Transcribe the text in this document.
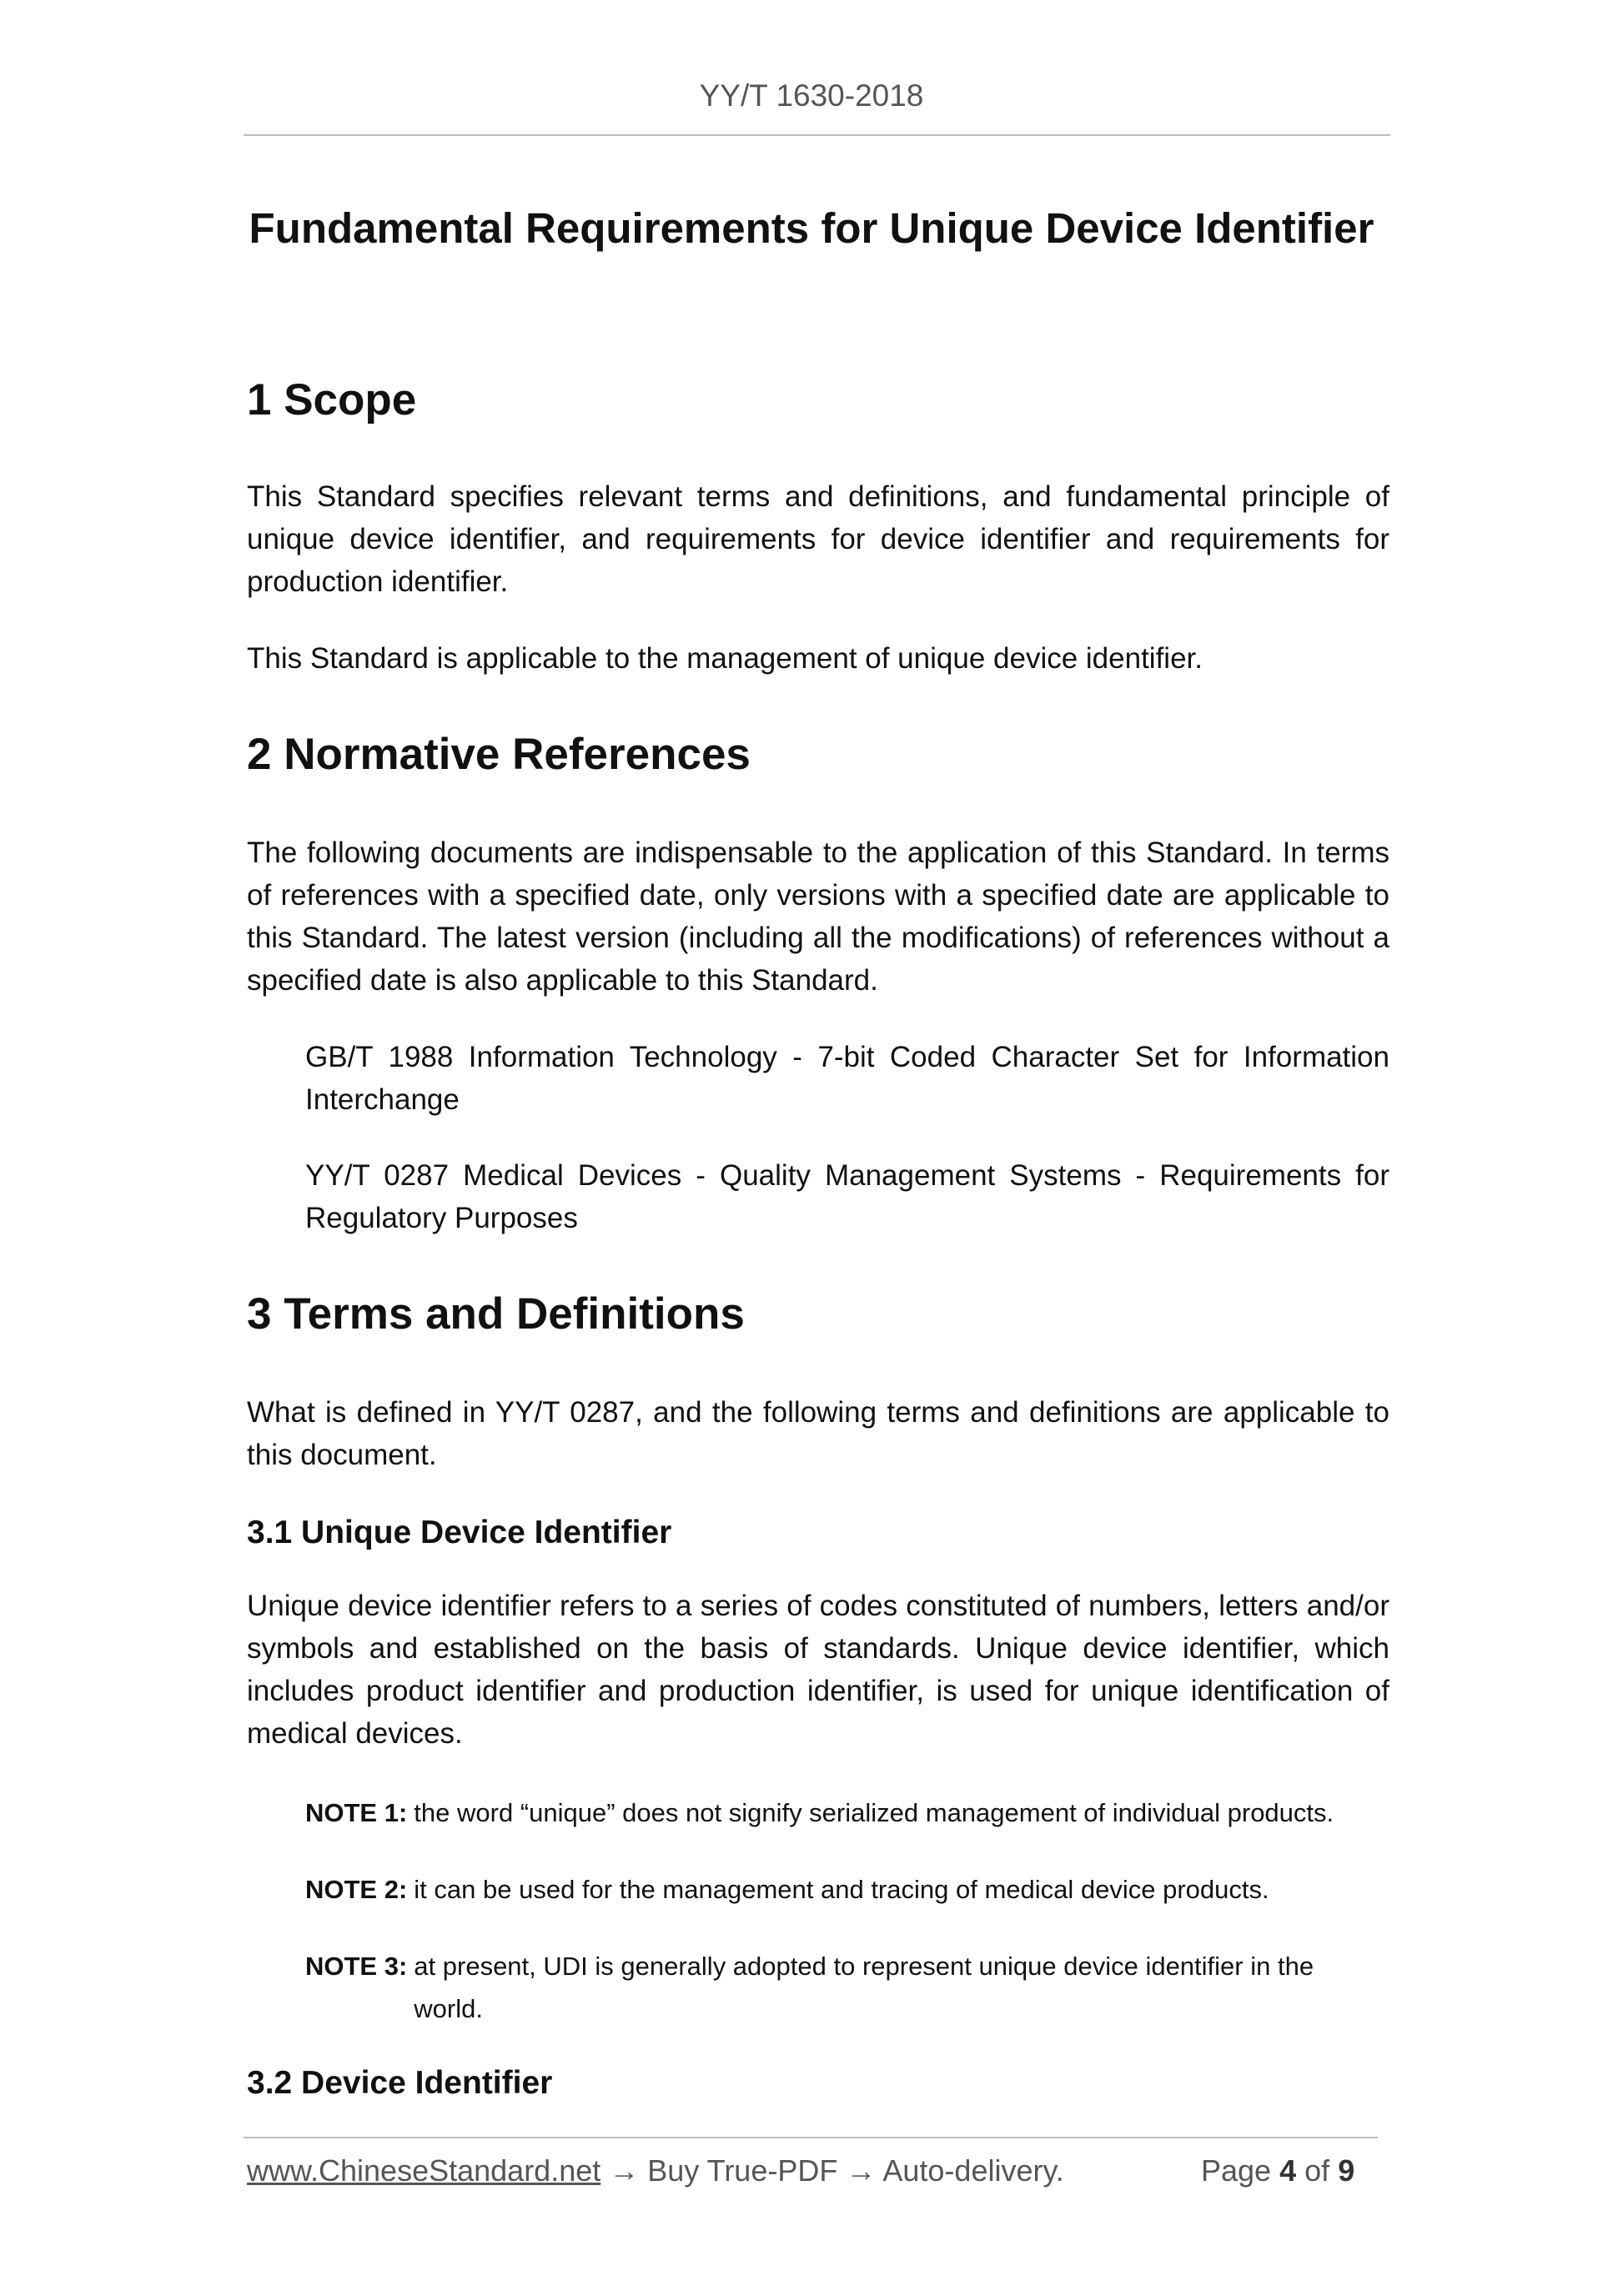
YY/T 1630-2018
Fundamental Requirements for Unique Device Identifier
1 Scope
This Standard specifies relevant terms and definitions, and fundamental principle of unique device identifier, and requirements for device identifier and requirements for production identifier.
This Standard is applicable to the management of unique device identifier.
2 Normative References
The following documents are indispensable to the application of this Standard. In terms of references with a specified date, only versions with a specified date are applicable to this Standard. The latest version (including all the modifications) of references without a specified date is also applicable to this Standard.
GB/T 1988 Information Technology - 7-bit Coded Character Set for Information Interchange
YY/T 0287 Medical Devices - Quality Management Systems - Requirements for Regulatory Purposes
3 Terms and Definitions
What is defined in YY/T 0287, and the following terms and definitions are applicable to this document.
3.1 Unique Device Identifier
Unique device identifier refers to a series of codes constituted of numbers, letters and/or symbols and established on the basis of standards. Unique device identifier, which includes product identifier and production identifier, is used for unique identification of medical devices.
NOTE 1: the word “unique” does not signify serialized management of individual products.
NOTE 2: it can be used for the management and tracing of medical device products.
NOTE 3: at present, UDI is generally adopted to represent unique device identifier in the world.
3.2 Device Identifier
www.ChineseStandard.net → Buy True-PDF → Auto-delivery.	Page 4 of 9
